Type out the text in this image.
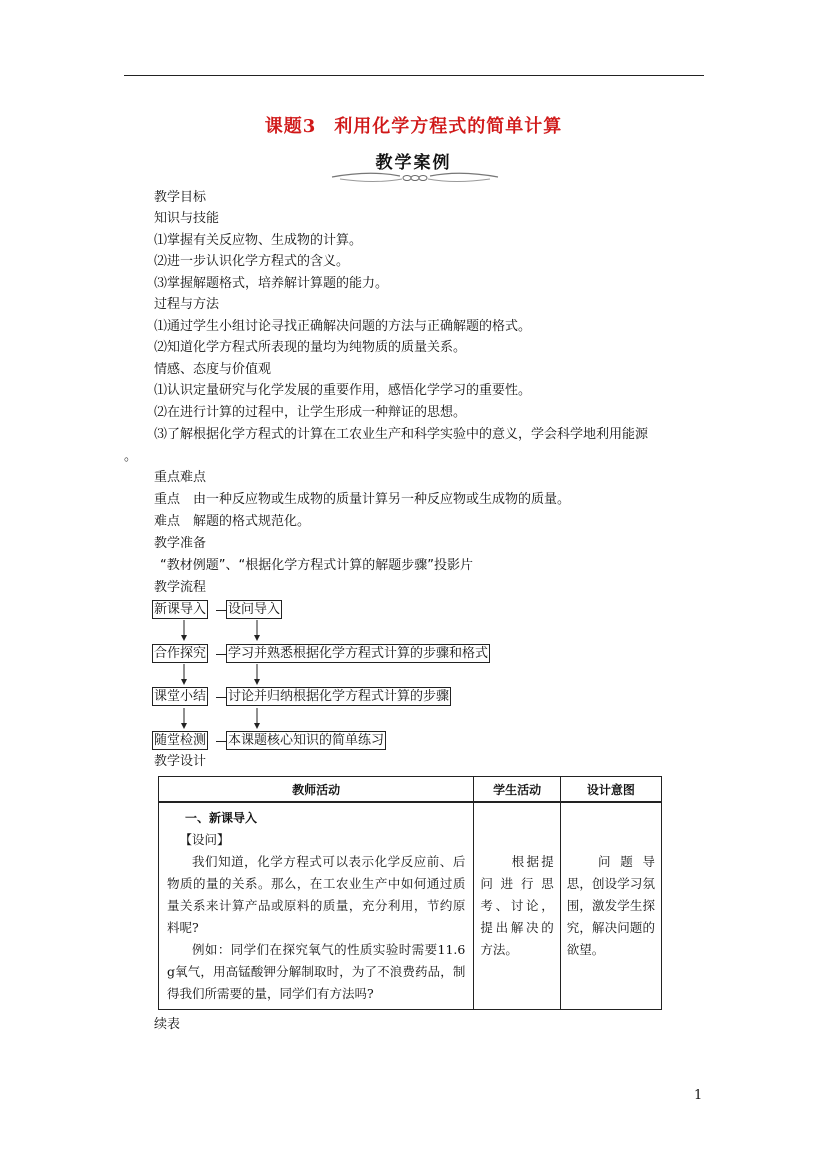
课题3 利用化学方程式的简单计算
教学案例
教学目标
知识与技能
⑴掌握有关反应物、生成物的计算。
⑵进一步认识化学方程式的含义。
⑶掌握解题格式，培养解计算题的能力。
过程与方法
⑴通过学生小组讨论寻找正确解决问题的方法与正确解题的格式。
⑵知道化学方程式所表现的量均为纯物质的质量关系。
情感、态度与价值观
⑴认识定量研究与化学发展的重要作用，感悟化学学习的重要性。
⑵在进行计算的过程中，让学生形成一种辩证的思想。
⑶了解根据化学方程式的计算在工农业生产和科学实验中的意义，学会科学地利用能源
。
重点难点
重点　由一种反应物或生成物的质量计算另一种反应物或生成物的质量。
难点　解题的格式规范化。
教学准备
“教材例题”、“根据化学方程式计算的解题步骤”投影片
教学流程
新课导入 设问导入
合作探究 学习并熟悉根据化学方程式计算的步骤和格式
课堂小结 讨论并归纳根据化学方程式计算的步骤
随堂检测 本课题核心知识的简单练习
教学设计
教师活动	学生活动	设计意图

一、新课导入

【设问】

我们知道，化学方程式可以表示化学反应前、后物质的量的关系。那么，在工农业生产中如何通过质量关系来计算产品或原料的质量，充分利用，节约原料呢?

例如：同学们在探究氧气的性质实验时需要11.6 g氧气，用高锰酸钾分解制取时，为了不浪费药品，制得我们所需要的量，同学们有方法吗?	根据提问进行思考、讨论，提出解决的方法。	问题导思，创设学习氛围，激发学生探究，解决问题的欲望。

续表
1
